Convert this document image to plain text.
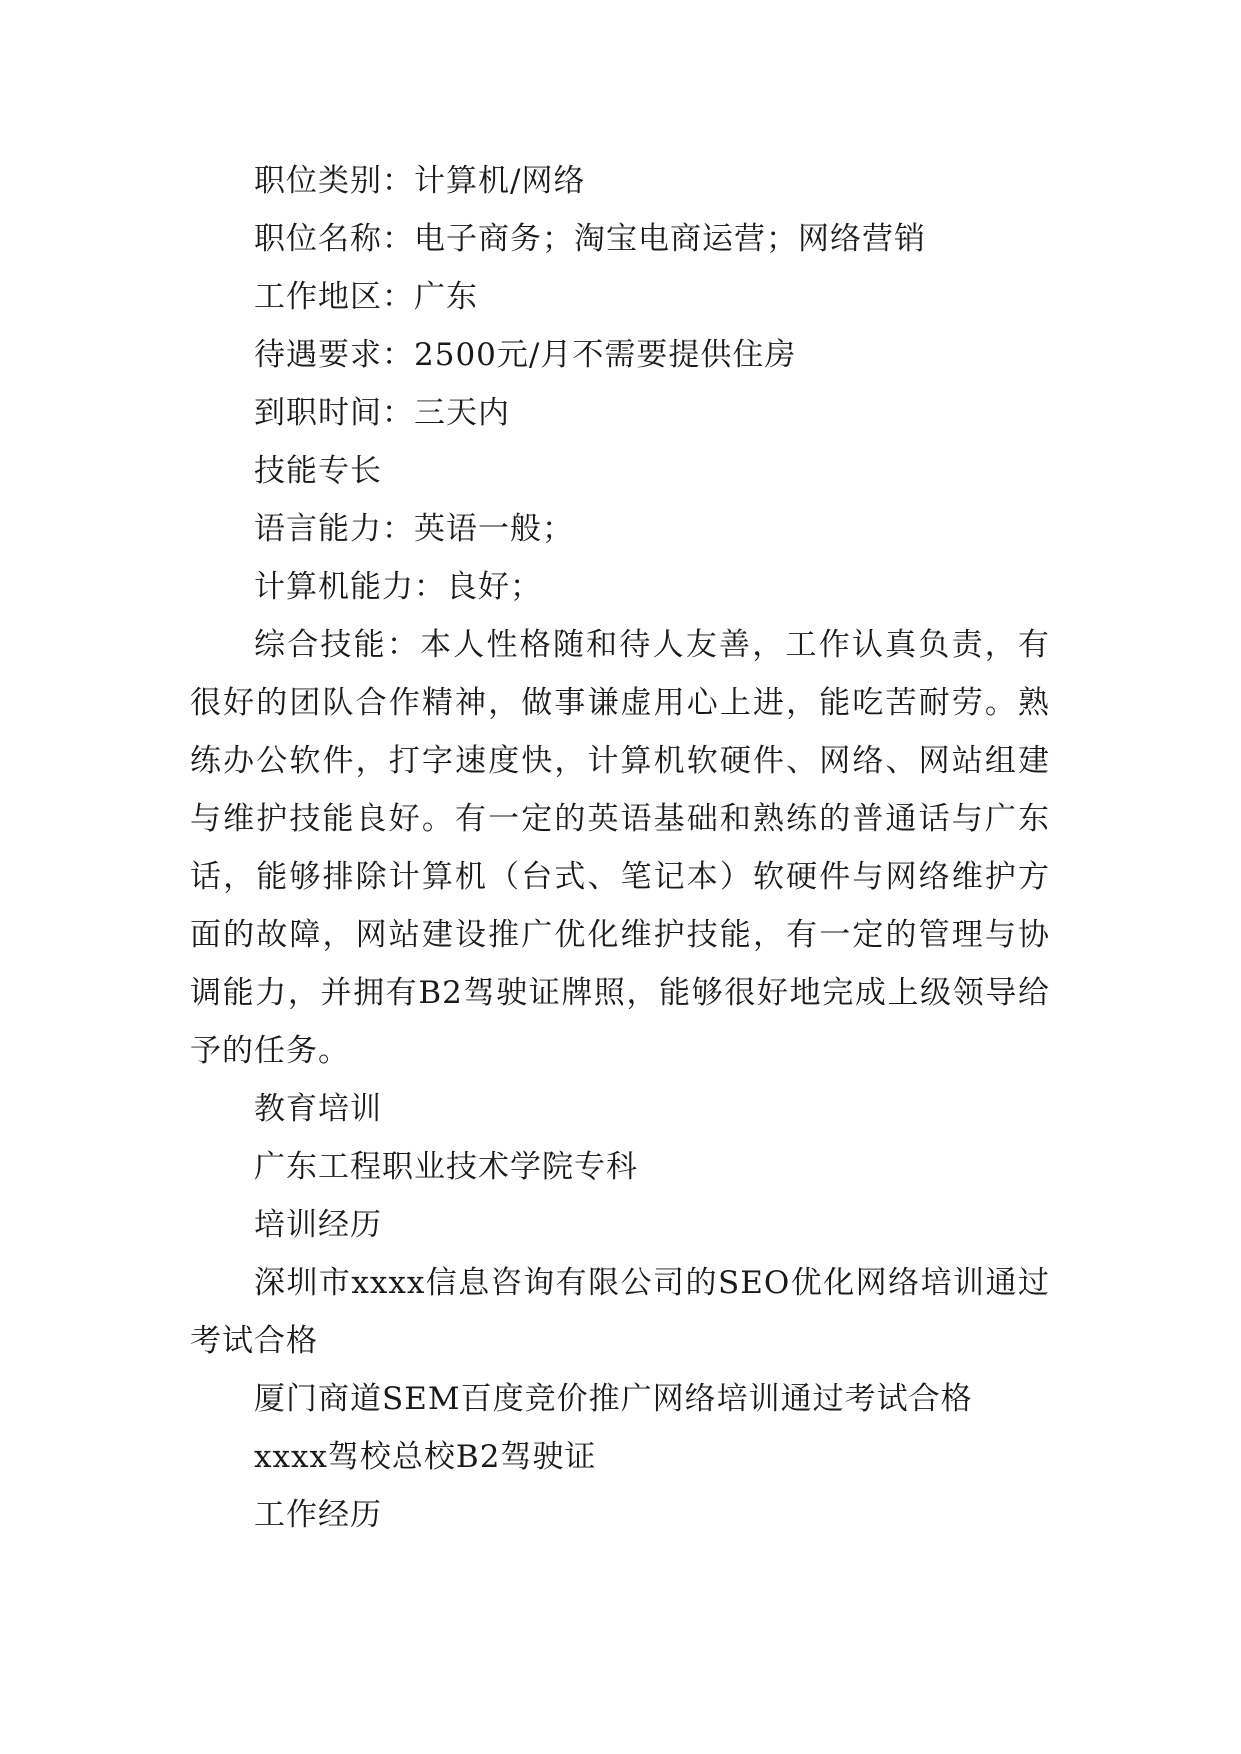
职位类别：计算机/网络
职位名称：电子商务；淘宝电商运营；网络营销
工作地区：广东
待遇要求：2500元/月不需要提供住房
到职时间：三天内
技能专长
语言能力：英语一般；
计算机能力：良好；

综合技能：本人性格随和待人友善，工作认真负责，有很好的团队合作精神，做事谦虚用心上进，能吃苦耐劳。熟练办公软件，打字速度快，计算机软硬件、网络、网站组建与维护技能良好。有一定的英语基础和熟练的普通话与广东话，能够排除计算机（台式、笔记本）软硬件与网络维护方面的故障，网站建设推广优化维护技能，有一定的管理与协调能力，并拥有B2驾驶证牌照，能够很好地完成上级领导给予的任务。

教育培训
广东工程职业技术学院专科
培训经历

深圳市xxxx信息咨询有限公司的SEO优化网络培训通过考试合格

厦门商道SEM百度竞价推广网络培训通过考试合格
xxxx驾校总校B2驾驶证
工作经历
